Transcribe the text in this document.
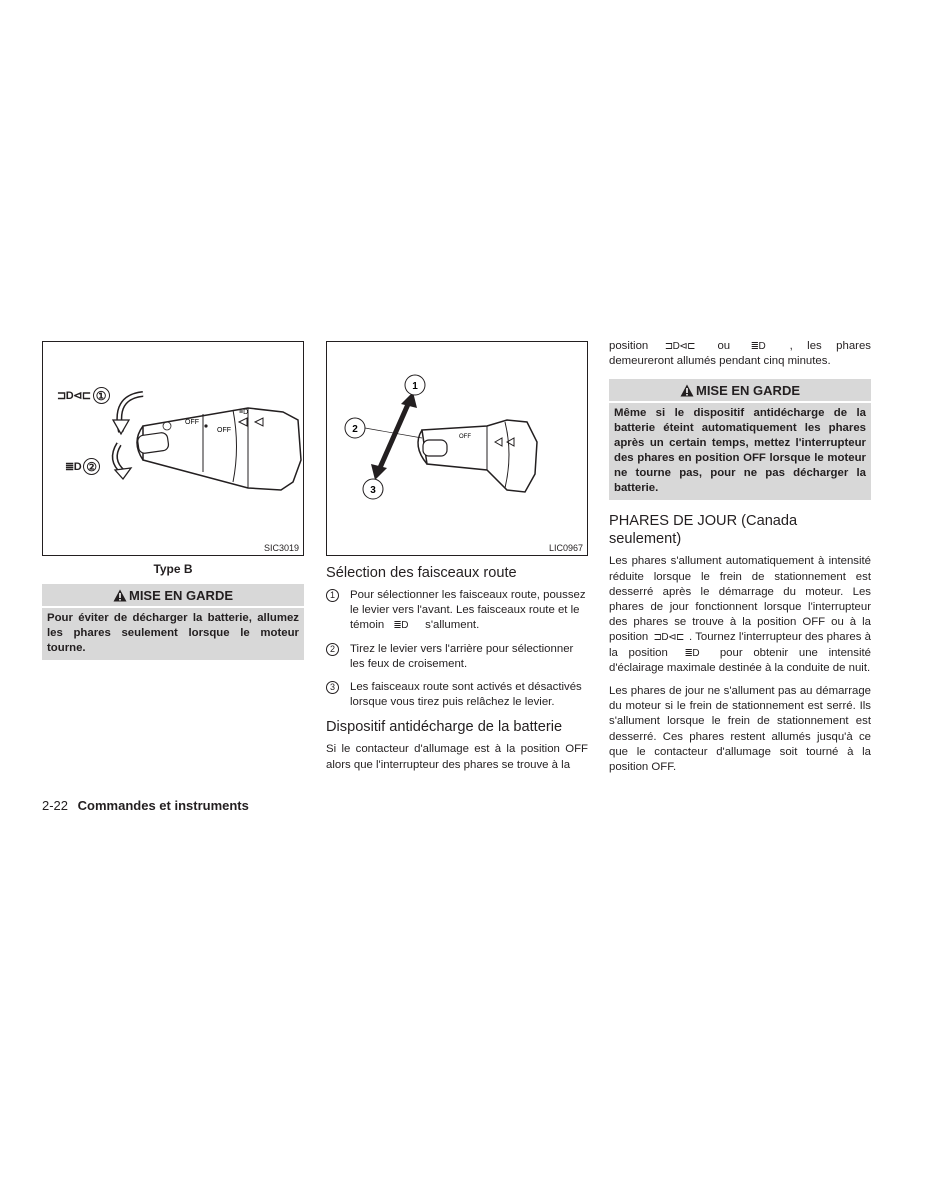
OFF
OFF
≡D
⊐D⊲⊏ ①
≣D ②
SIC3019
Type B
MISE EN GARDE
Pour éviter de décharger la batterie, allumez les phares seulement lorsque le moteur tourne.
OFF
1
2
3
LIC0967
Sélection des faisceaux route
1	Pour sélectionner les faisceaux route, poussez le levier vers l'avant. Les faisceaux route et le témoin ≣D s'allument.
2	Tirez le levier vers l'arrière pour sélectionner les feux de croisement.
3	Les faisceaux route sont activés et désactivés lorsque vous tirez puis relâchez le levier.
Dispositif antidécharge de la batterie
Si le contacteur d'allumage est à la position OFF alors que l'interrupteur des phares se trouve à la
position ⊐D⊲⊏ ou ≣D , les phares demeureront allumés pendant cinq minutes.
MISE EN GARDE
Même si le dispositif antidécharge de la batterie éteint automatiquement les phares après un certain temps, mettez l'interrupteur des phares en position OFF lorsque le moteur ne tourne pas, pour ne pas décharger la batterie.
PHARES DE JOUR (Canada seulement)
Les phares s'allument automatiquement à intensité réduite lorsque le frein de stationnement est desserré après le démarrage du moteur. Les phares de jour fonctionnent lorsque l'interrupteur des phares se trouve à la position OFF ou à la position ⊐D⊲⊏ . Tournez l'interrupteur des phares à la position ≣D pour obtenir une intensité d'éclairage maximale destinée à la conduite de nuit.
Les phares de jour ne s'allument pas au démarrage du moteur si le frein de stationnement est serré. Ils s'allument lorsque le frein de stationnement est desserré. Ces phares restent allumés jusqu'à ce que le contacteur d'allumage soit tourné à la position OFF.
2-22 Commandes et instruments
